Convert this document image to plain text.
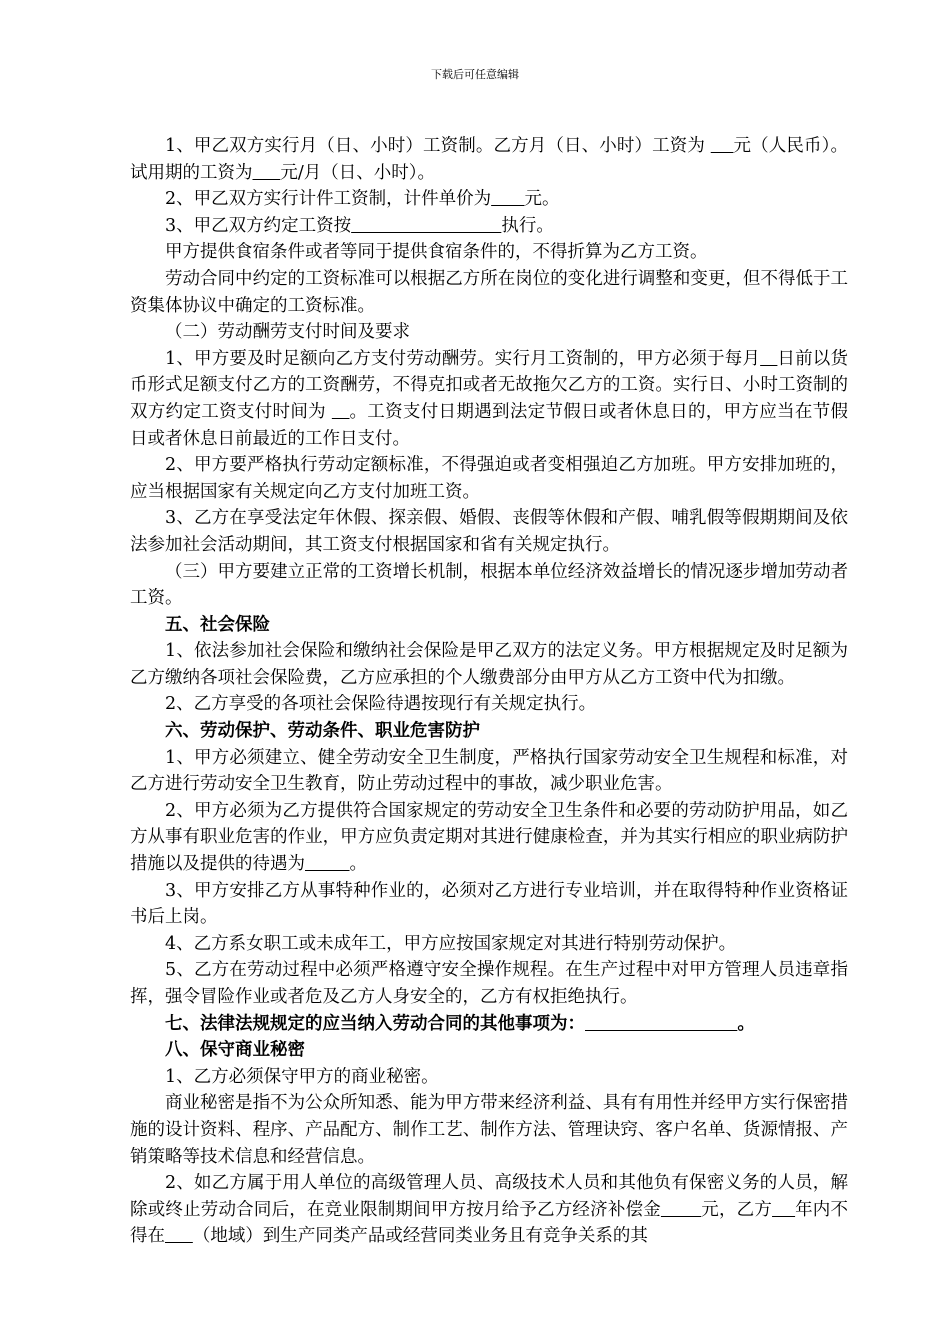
下载后可任意编辑

1、甲乙双方实行月（日、小时）工资制。乙方月（日、小时）工资为     元（人民币）。试用期的工资为 元/月（日、小时）。

2、甲乙双方实行计件工资制，计件单价为 元。

3、甲乙双方约定工资按	执行。

甲方提供食宿条件或者等同于提供食宿条件的，不得折算为乙方工资。

劳动合同中约定的工资标准可以根据乙方所在岗位的变化进行调整和变更，但不得低于工资集体协议中确定的工资标准。

（二）劳动酬劳支付时间及要求

1、甲方要及时足额向乙方支付劳动酬劳。实行月工资制的，甲方必须于每月 日前以货币形式足额支付乙方的工资酬劳，不得克扣或者无故拖欠乙方的工资。实行日、小时工资制的双方约定工资支付时间为    。工资支付日期遇到法定节假日或者休息日的，甲方应当在节假日或者休息日前最近的工作日支付。

2、甲方要严格执行劳动定额标准，不得强迫或者变相强迫乙方加班。甲方安排加班的，应当根据国家有关规定向乙方支付加班工资。

3、乙方在享受法定年休假、探亲假、婚假、丧假等休假和产假、哺乳假等假期期间及依法参加社会活动期间，其工资支付根据国家和省有关规定执行。

（三）甲方要建立正常的工资增长机制，根据本单位经济效益增长的情况逐步增加劳动者工资。

五、社会保险

1、依法参加社会保险和缴纳社会保险是甲乙双方的法定义务。甲方根据规定及时足额为乙方缴纳各项社会保险费，乙方应承担的个人缴费部分由甲方从乙方工资中代为扣缴。

2、乙方享受的各项社会保险待遇按现行有关规定执行。

六、劳动保护、劳动条件、职业危害防护

1、甲方必须建立、健全劳动安全卫生制度，严格执行国家劳动安全卫生规程和标准，对乙方进行劳动安全卫生教育，防止劳动过程中的事故，减少职业危害。

2、甲方必须为乙方提供符合国家规定的劳动安全卫生条件和必要的劳动防护用品，如乙方从事有职业危害的作业，甲方应负责定期对其进行健康检查，并为其实行相应的职业病防护措施以及提供的待遇为	。

3、甲方安排乙方从事特种作业的，必须对乙方进行专业培训，并在取得特种作业资格证书后上岗。

4、乙方系女职工或未成年工，甲方应按国家规定对其进行特别劳动保护。

5、乙方在劳动过程中必须严格遵守安全操作规程。在生产过程中对甲方管理人员违章指挥，强令冒险作业或者危及乙方人身安全的，乙方有权拒绝执行。

七、法律法规规定的应当纳入劳动合同的其他事项为：	。

八、保守商业秘密

1、乙方必须保守甲方的商业秘密。

商业秘密是指不为公众所知悉、能为甲方带来经济利益、具有有用性并经甲方实行保密措施的设计资料、程序、产品配方、制作工艺、制作方法、管理诀窍、客户名单、货源情报、产销策略等技术信息和经营信息。

2、如乙方属于用人单位的高级管理人员、高级技术人员和其他负有保密义务的人员，解除或终止劳动合同后，在竞业限制期间甲方按月给予乙方经济补偿金 元，乙方 年内不得在 （地域）到生产同类产品或经营同类业务且有竞争关系的其
